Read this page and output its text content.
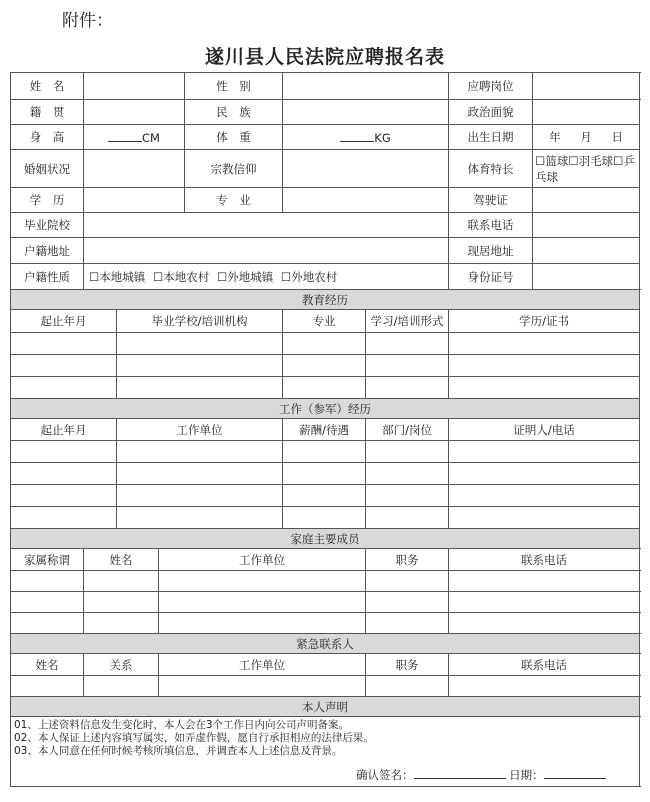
附件：
遂川县人民法院应聘报名表
姓　名				性　别			应聘岗位		
籍　贯				民　族			政治面貌		
身　高	CM			体　重	KG		出生日期	年 月 日	
婚姻状况				宗教信仰			体育特长	☐篮球☐羽毛球☐乒乓球	
学　历				专　业			驾驶证		
毕业院校							联系电话		
户籍地址							现居地址		
户籍性质	☐本地城镇 ☐本地农村 ☐外地城镇 ☐外地农村						身份证号		
教育经历									
起止年月		毕业学校/培训机构			专业	学习/培训形式	学历/证书	

工作（参军）经历									
起止年月		工作单位			薪酬/待遇	部门/岗位	证明人/电话	

家庭主要成员									
家属称谓	姓名		工作单位			职务	联系电话		

紧急联系人									
姓名	关系		工作单位			职务	联系电话		

本人声明									

01、上述资料信息发生变化时，本人会在3个工作日内向公司声明备案。
02、本人保证上述内容填写属实，如弄虚作假，愿自行承担相应的法律后果。
03、本人同意在任何时候考核所填信息，并调查本人上述信息及背景。
确认签名： 日期：									
